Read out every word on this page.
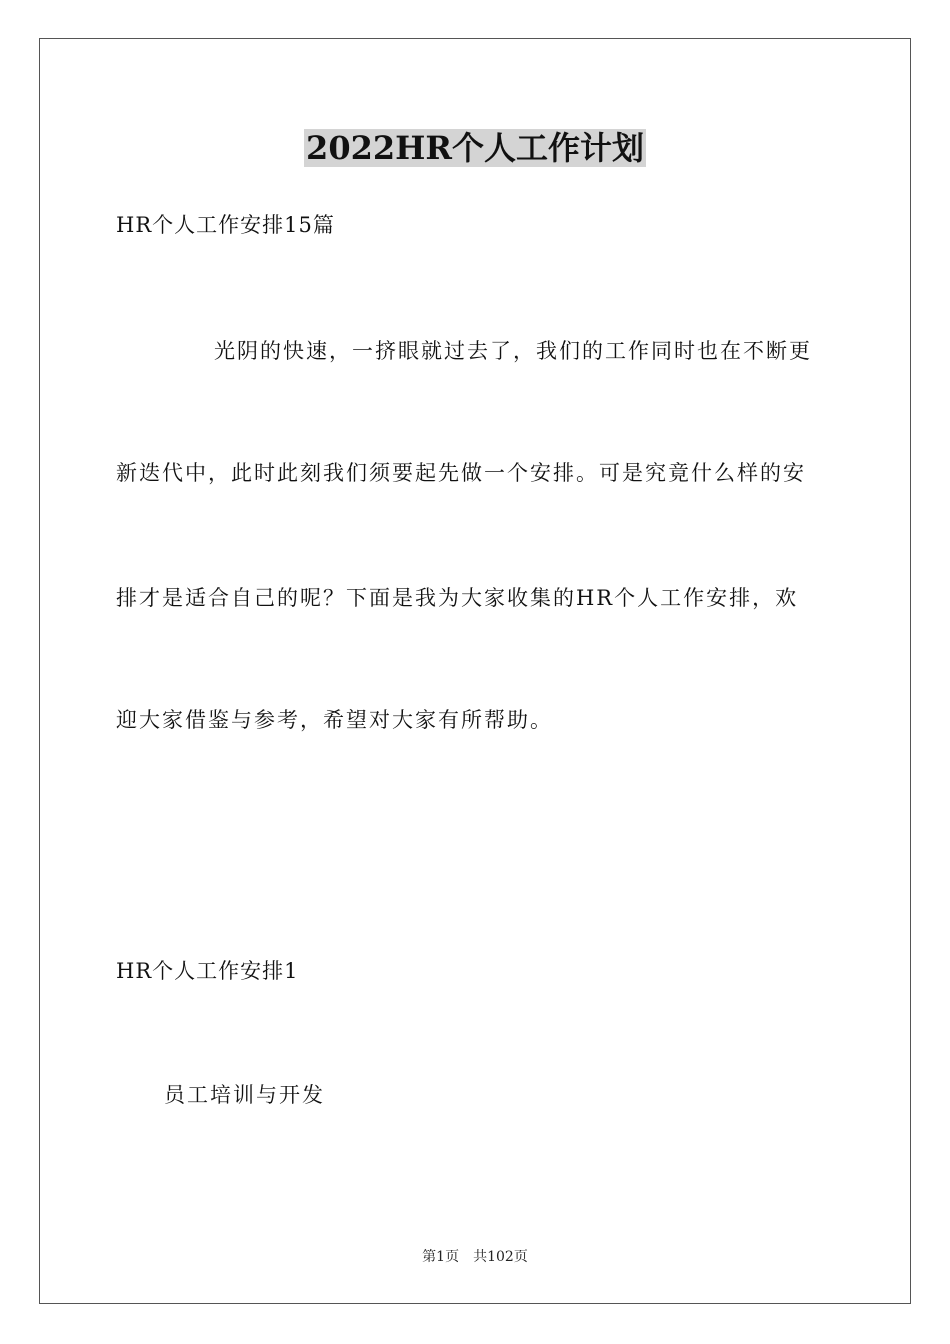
2022HR个人工作计划
HR个人工作安排15篇
光阴的快速，一挤眼就过去了，我们的工作同时也在不断更
新迭代中，此时此刻我们须要起先做一个安排。可是究竟什么样的安
排才是适合自己的呢？下面是我为大家收集的HR个人工作安排，欢
迎大家借鉴与参考，希望对大家有所帮助。
HR个人工作安排1
员工培训与开发
第1页 共102页
